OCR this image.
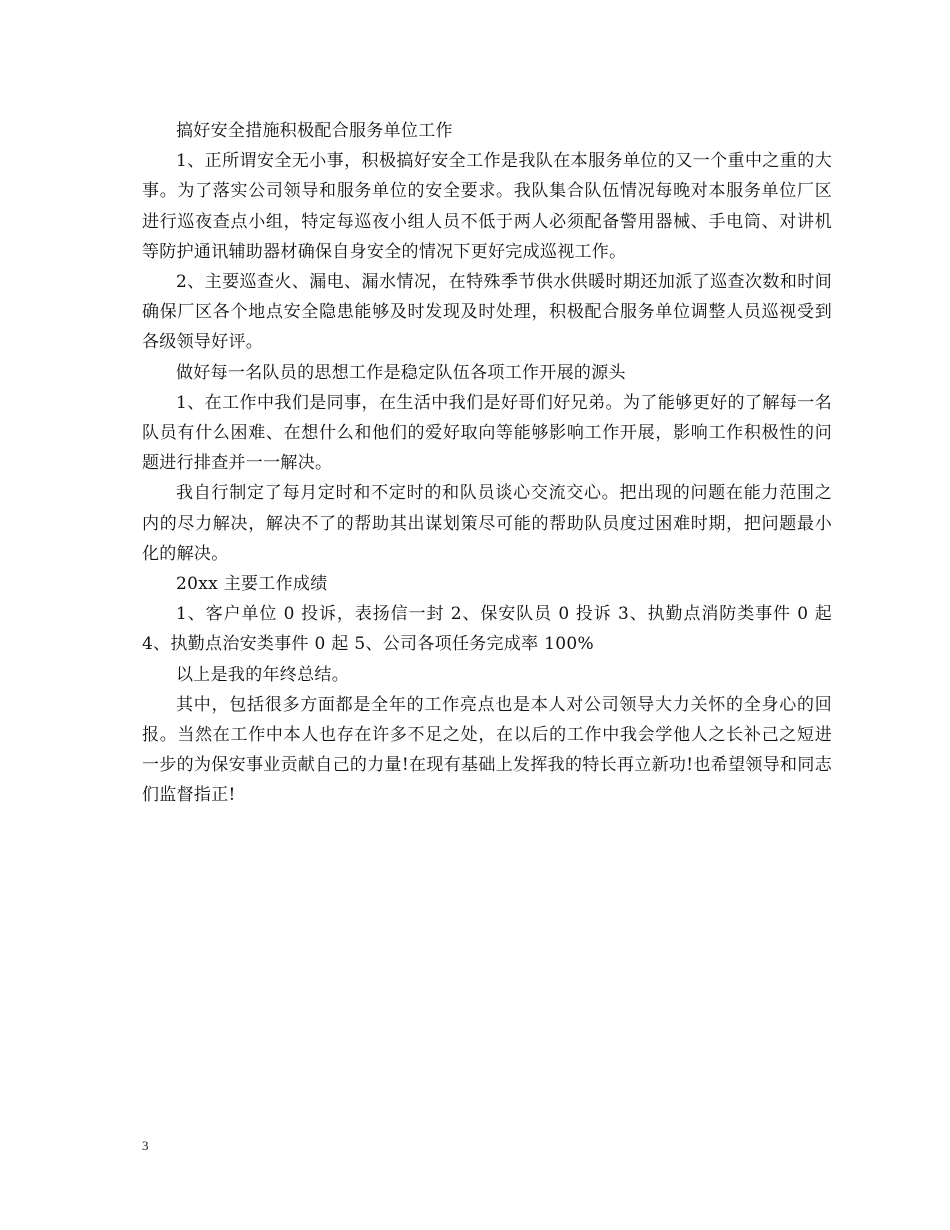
搞好安全措施积极配合服务单位工作

1、正所谓安全无小事，积极搞好安全工作是我队在本服务单位的又一个重中之重的大事。为了落实公司领导和服务单位的安全要求。我队集合队伍情况每晚对本服务单位厂区进行巡夜查点小组，特定每巡夜小组人员不低于两人必须配备警用器械、手电筒、对讲机等防护通讯辅助器材确保自身安全的情况下更好完成巡视工作。

2、主要巡查火、漏电、漏水情况，在特殊季节供水供暖时期还加派了巡查次数和时间确保厂区各个地点安全隐患能够及时发现及时处理，积极配合服务单位调整人员巡视受到各级领导好评。

做好每一名队员的思想工作是稳定队伍各项工作开展的源头

1、在工作中我们是同事，在生活中我们是好哥们好兄弟。为了能够更好的了解每一名队员有什么困难、在想什么和他们的爱好取向等能够影响工作开展，影响工作积极性的问题进行排查并一一解决。

我自行制定了每月定时和不定时的和队员谈心交流交心。把出现的问题在能力范围之内的尽力解决，解决不了的帮助其出谋划策尽可能的帮助队员度过困难时期，把问题最小化的解决。

20xx 主要工作成绩

1、客户单位 0 投诉，表扬信一封 2、保安队员 0 投诉 3、执勤点消防类事件 0 起 4、执勤点治安类事件 0 起 5、公司各项任务完成率 100%

以上是我的年终总结。

其中，包括很多方面都是全年的工作亮点也是本人对公司领导大力关怀的全身心的回报。当然在工作中本人也存在许多不足之处，在以后的工作中我会学他人之长补己之短进一步的为保安事业贡献自己的力量!在现有基础上发挥我的特长再立新功!也希望领导和同志们监督指正!

3
